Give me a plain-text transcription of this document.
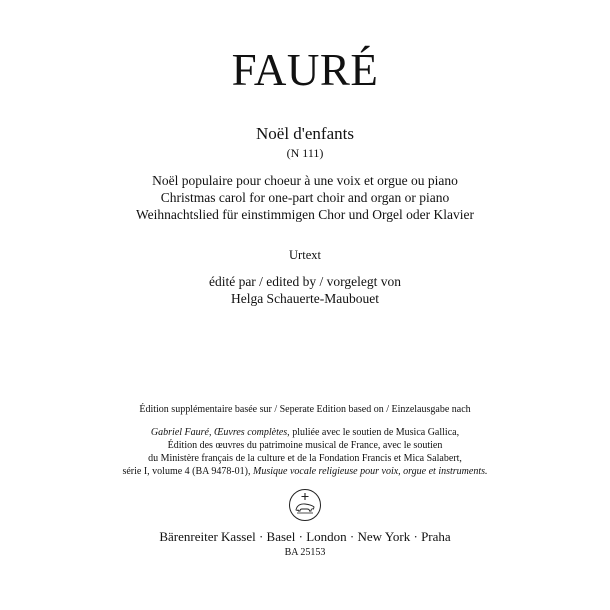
FAURÉ
Noël d'enfants
(N 111)
Noël populaire pour choeur à une voix et orgue ou piano
Christmas carol for one-part choir and organ or piano
Weihnachtslied für einstimmigen Chor und Orgel oder Klavier
Urtext
édité par / edited by / vorgelegt von
Helga Schauerte-Maubouet
Édition supplémentaire basée sur / Seperate Edition based on / Einzelausgabe nach
Gabriel Fauré, Œuvres complètes, pluliée avec le soutien de Musica Gallica,
Édition des œuvres du patrimoine musical de France, avec le soutien
du Ministère français de la culture et de la Fondation Francis et Mica Salabert,
série I, volume 4 (BA 9478-01), Musique vocale religieuse pour voix, orgue et instruments.
Bärenreiter Kassel · Basel · London · New York · Praha
BA 25153
